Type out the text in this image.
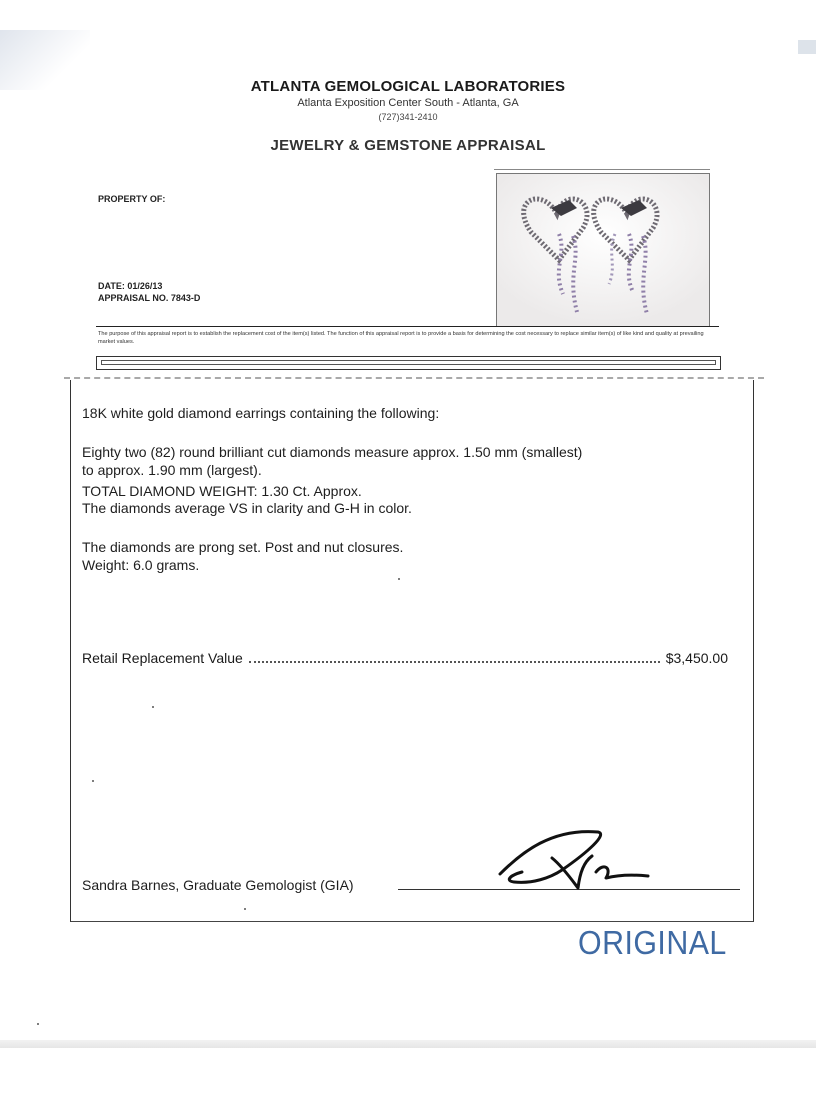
ATLANTA GEMOLOGICAL LABORATORIES
Atlanta Exposition Center South - Atlanta, GA
(727)341-2410
JEWELRY & GEMSTONE APPRAISAL
PROPERTY OF:
DATE: 01/26/13
APPRAISAL NO. 7843-D
The purpose of this appraisal report is to establish the replacement cost of the item(s) listed. The function of this appraisal report is to provide a basis for determining the cost necessary to replace similar item(s) of like kind and quality at prevailing market values.
18K white gold diamond earrings containing the following:
Eighty two (82) round brilliant cut diamonds measure approx. 1.50 mm (smallest)
to approx. 1.90 mm (largest).
TOTAL DIAMOND WEIGHT: 1.30 Ct. Approx.
The diamonds average VS in clarity and G-H in color.
The diamonds are prong set. Post and nut closures.
Weight: 6.0 grams.
Retail Replacement Value	$3,450.00
Sandra Barnes, Graduate Gemologist (GIA)
ORIGINAL
